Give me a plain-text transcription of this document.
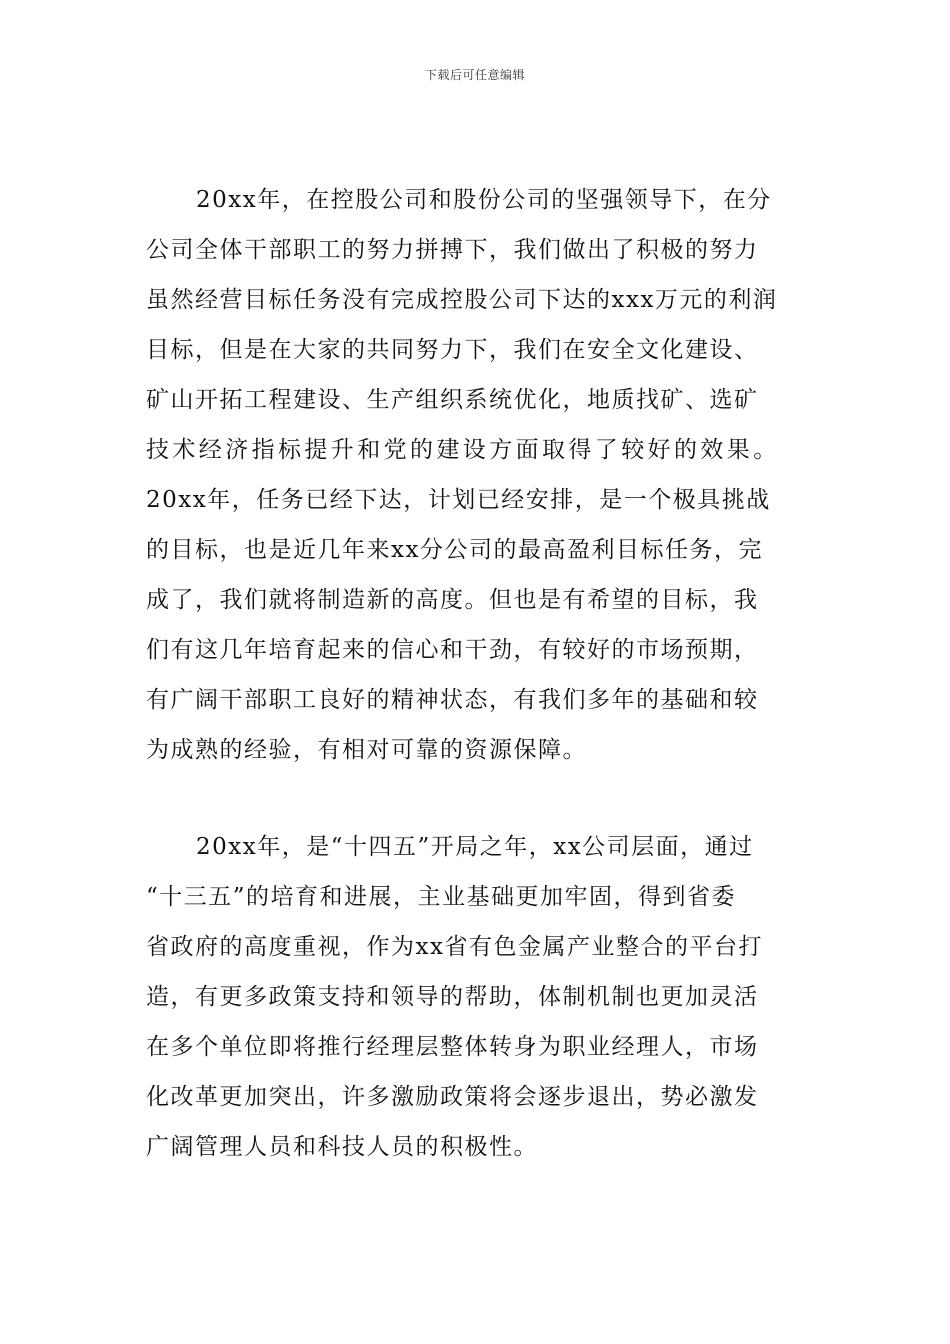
下载后可任意编辑
20xx年，在控股公司和股份公司的坚强领导下，在分
公司全体干部职工的努力拼搏下，我们做出了积极的努力
虽然经营目标任务没有完成控股公司下达的xxx万元的利润
目标，但是在大家的共同努力下，我们在安全文化建设、
矿山开拓工程建设、生产组织系统优化，地质找矿、选矿
技术经济指标提升和党的建设方面取得了较好的效果。
20xx年，任务已经下达，计划已经安排，是一个极具挑战
的目标，也是近几年来xx分公司的最高盈利目标任务，完
成了，我们就将制造新的高度。但也是有希望的目标，我
们有这几年培育起来的信心和干劲，有较好的市场预期，
有广阔干部职工良好的精神状态，有我们多年的基础和较
为成熟的经验，有相对可靠的资源保障。
20xx年，是“十四五”开局之年，xx公司层面，通过
“十三五”的培育和进展，主业基础更加牢固，得到省委
省政府的高度重视，作为xx省有色金属产业整合的平台打
造，有更多政策支持和领导的帮助，体制机制也更加灵活
在多个单位即将推行经理层整体转身为职业经理人，市场
化改革更加突出，许多激励政策将会逐步退出，势必激发
广阔管理人员和科技人员的积极性。
